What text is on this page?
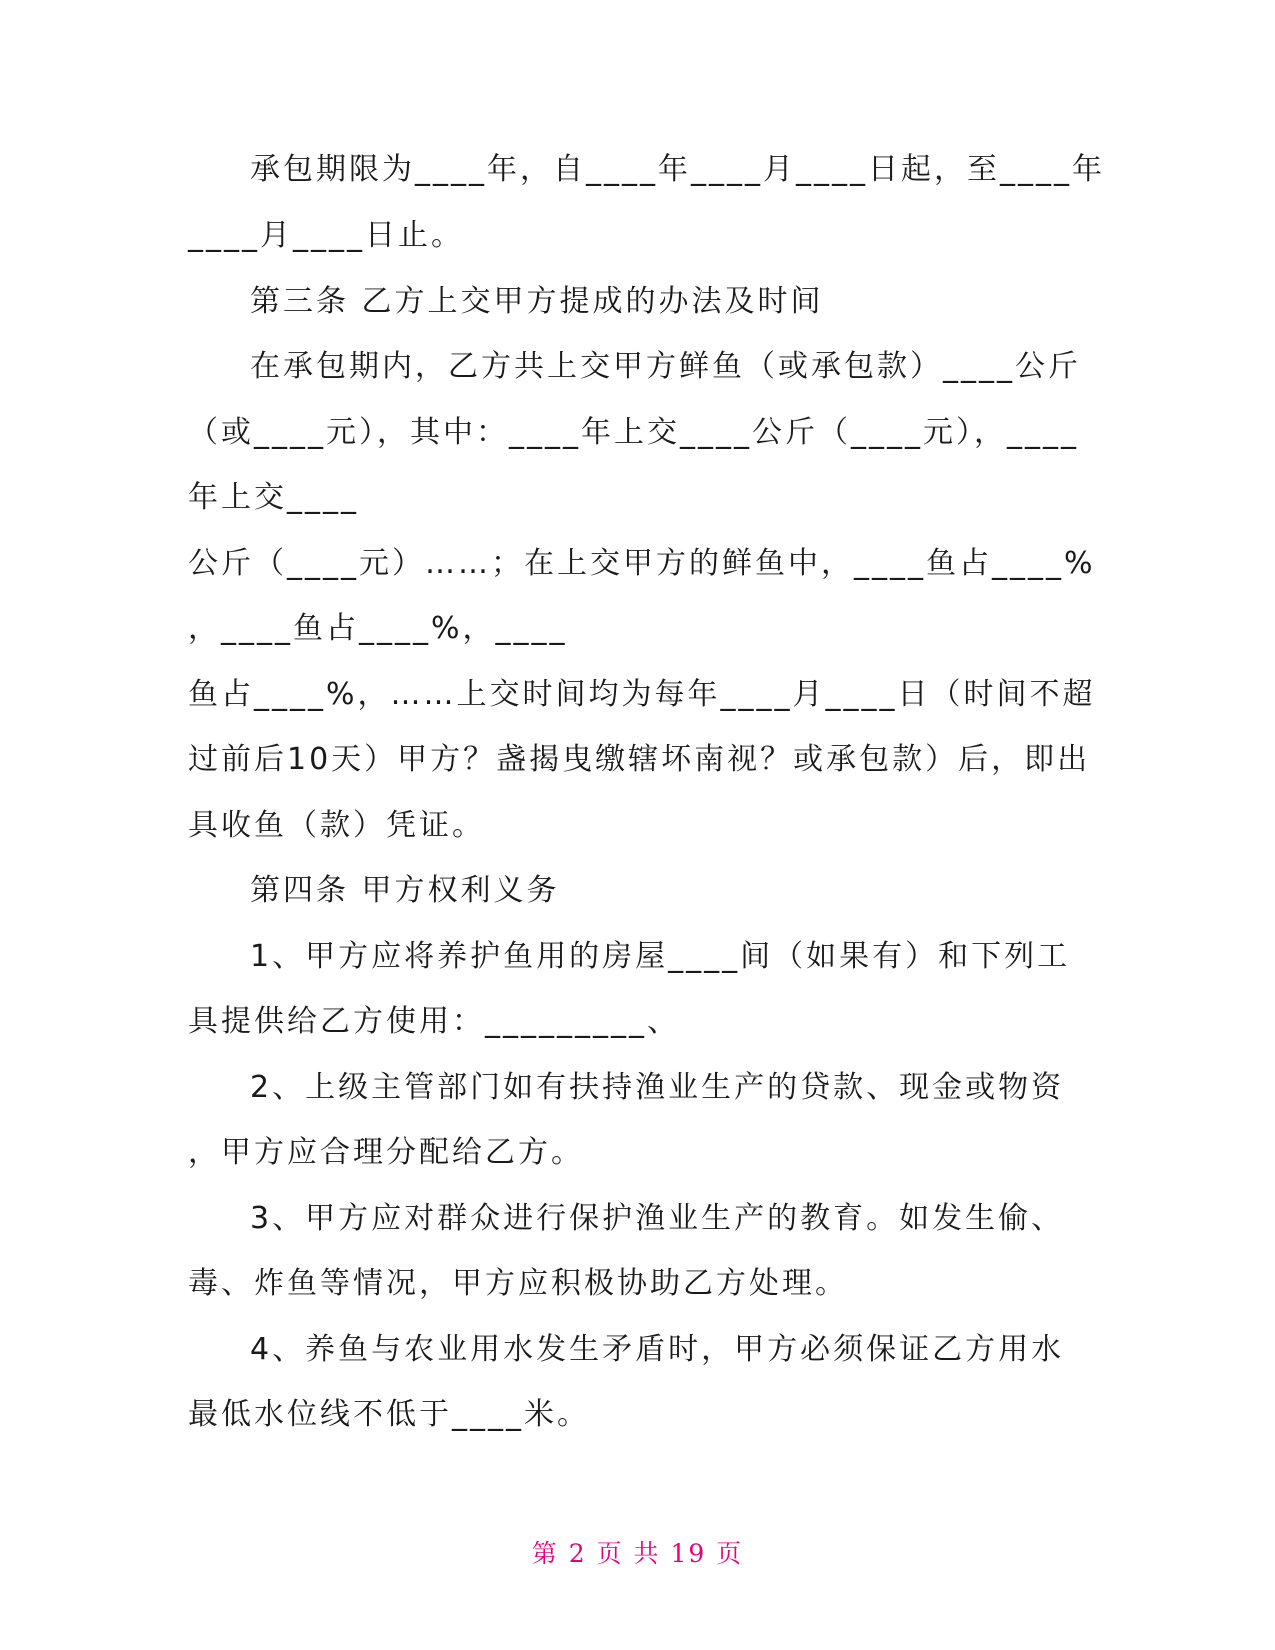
承包期限为____年，自____年____月____日起，至____年
____月____日止。
第三条 乙方上交甲方提成的办法及时间
在承包期内，乙方共上交甲方鲜鱼（或承包款）____公斤
（或____元），其中：____年上交____公斤（____元），____
年上交____
公斤（____元）……；在上交甲方的鲜鱼中，____鱼占____%
，____鱼占____%，____
鱼占____%，……上交时间均为每年____月____日（时间不超
过前后10天）甲方？盏揭曳缴辖坏南视？或承包款）后，即出
具收鱼（款）凭证。
第四条 甲方权利义务
1、甲方应将养护鱼用的房屋____间（如果有）和下列工
具提供给乙方使用：_________、
2、上级主管部门如有扶持渔业生产的贷款、现金或物资
，甲方应合理分配给乙方。
3、甲方应对群众进行保护渔业生产的教育。如发生偷、
毒、炸鱼等情况，甲方应积极协助乙方处理。
4、养鱼与农业用水发生矛盾时，甲方必须保证乙方用水
最低水位线不低于____米。
第 2 页 共 19 页
